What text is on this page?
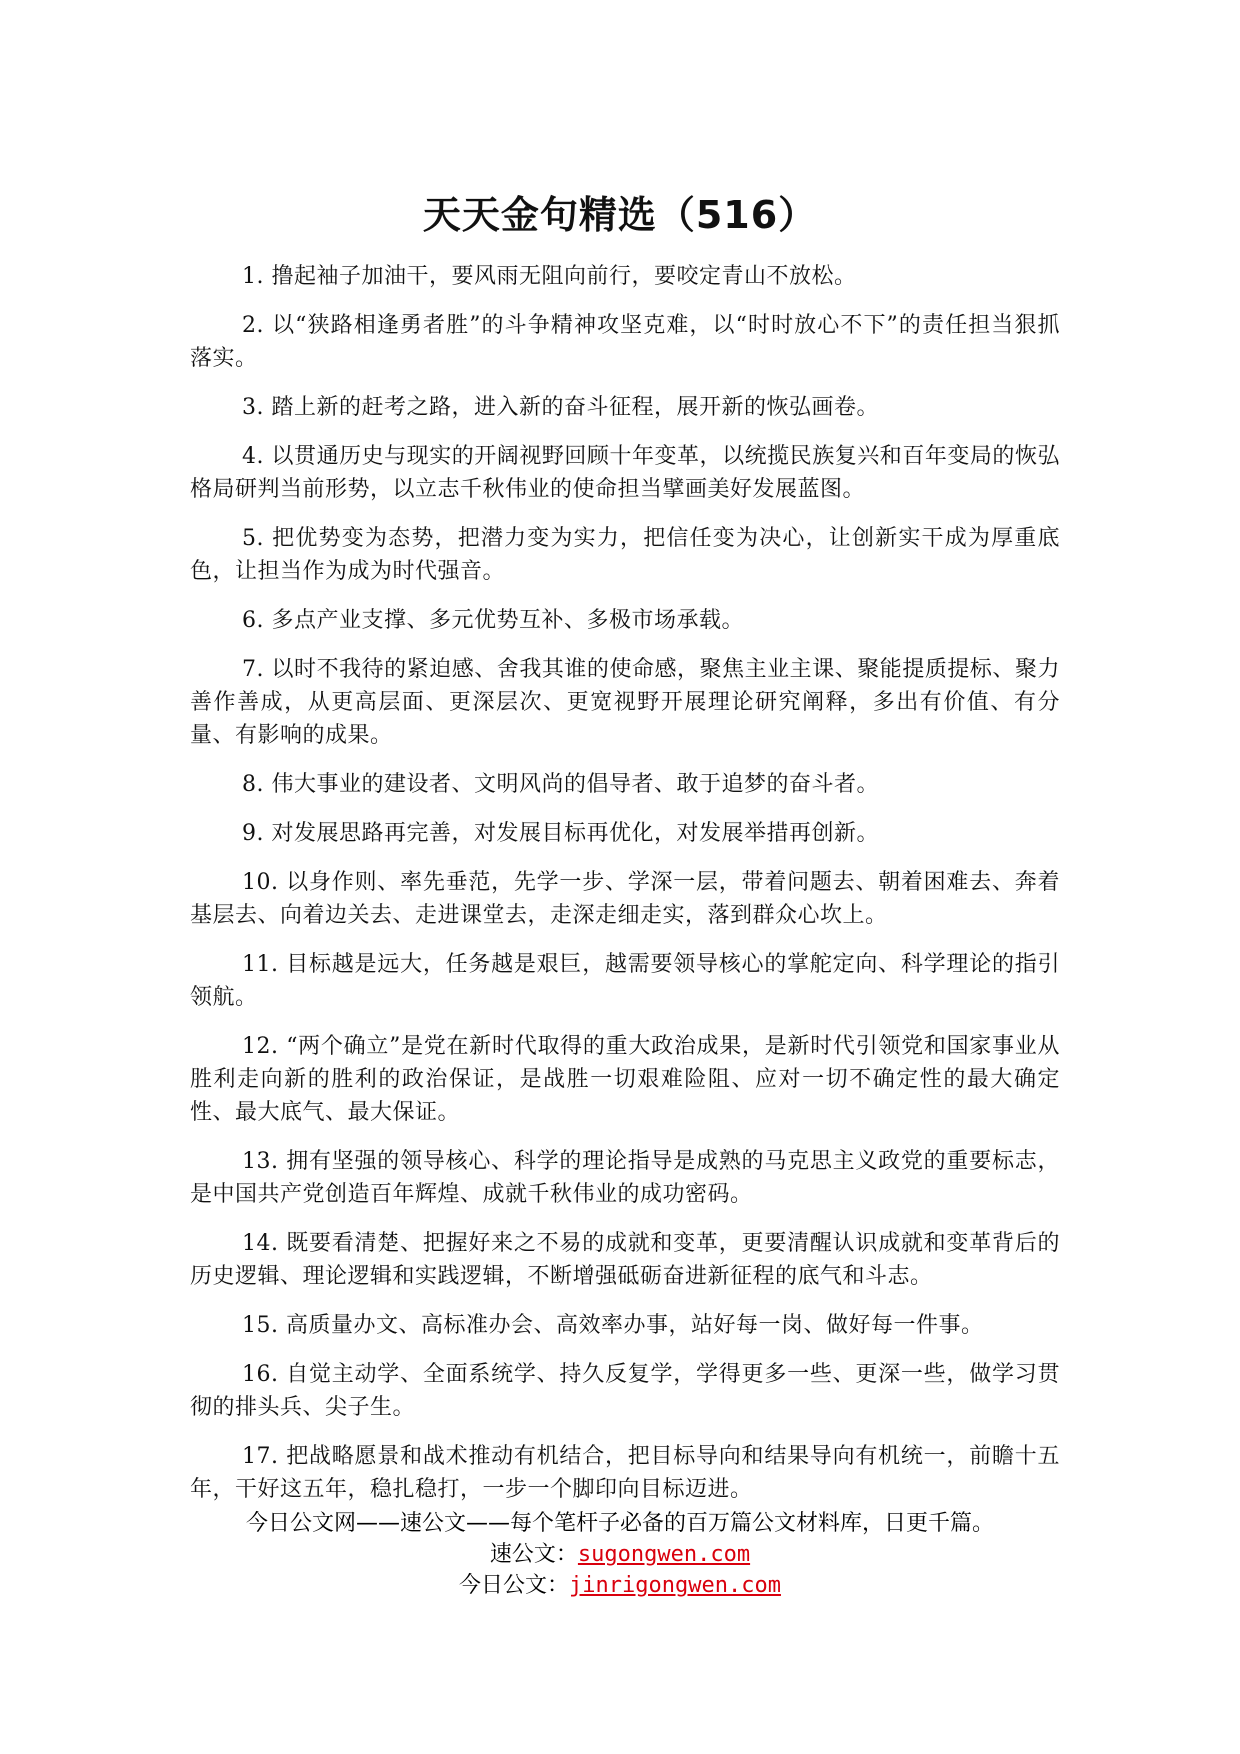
天天金句精选（516）

1. 撸起袖子加油干，要风雨无阻向前行，要咬定青山不放松。

2. 以“狭路相逢勇者胜”的斗争精神攻坚克难，以“时时放心不下”的责任担当狠抓落实。

3. 踏上新的赶考之路，进入新的奋斗征程，展开新的恢弘画卷。

4. 以贯通历史与现实的开阔视野回顾十年变革，以统揽民族复兴和百年变局的恢弘格局研判当前形势，以立志千秋伟业的使命担当擘画美好发展蓝图。

5. 把优势变为态势，把潜力变为实力，把信任变为决心，让创新实干成为厚重底色，让担当作为成为时代强音。

6. 多点产业支撑、多元优势互补、多极市场承载。

7. 以时不我待的紧迫感、舍我其谁的使命感，聚焦主业主课、聚能提质提标、聚力善作善成，从更高层面、更深层次、更宽视野开展理论研究阐释，多出有价值、有分量、有影响的成果。

8. 伟大事业的建设者、文明风尚的倡导者、敢于追梦的奋斗者。

9. 对发展思路再完善，对发展目标再优化，对发展举措再创新。

10. 以身作则、率先垂范，先学一步、学深一层，带着问题去、朝着困难去、奔着基层去、向着边关去、走进课堂去，走深走细走实，落到群众心坎上。

11. 目标越是远大，任务越是艰巨，越需要领导核心的掌舵定向、科学理论的指引领航。

12. “两个确立”是党在新时代取得的重大政治成果，是新时代引领党和国家事业从胜利走向新的胜利的政治保证，是战胜一切艰难险阻、应对一切不确定性的最大确定性、最大底气、最大保证。

13. 拥有坚强的领导核心、科学的理论指导是成熟的马克思主义政党的重要标志，是中国共产党创造百年辉煌、成就千秋伟业的成功密码。

14. 既要看清楚、把握好来之不易的成就和变革，更要清醒认识成就和变革背后的历史逻辑、理论逻辑和实践逻辑，不断增强砥砺奋进新征程的底气和斗志。

15. 高质量办文、高标准办会、高效率办事，站好每一岗、做好每一件事。

16. 自觉主动学、全面系统学、持久反复学，学得更多一些、更深一些，做学习贯彻的排头兵、尖子生。

17. 把战略愿景和战术推动有机结合，把目标导向和结果导向有机统一，前瞻十五年，干好这五年，稳扎稳打，一步一个脚印向目标迈进。

今日公文网——速公文——每个笔杆子必备的百万篇公文材料库，日更千篇。
速公文：sugongwen.com
今日公文：jinrigongwen.com
